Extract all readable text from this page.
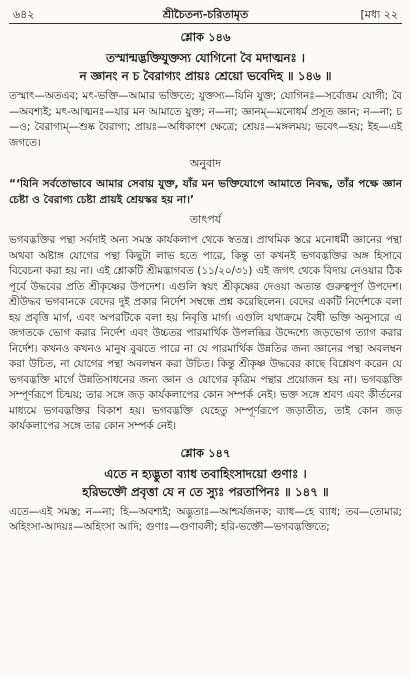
৬৪২	শ্রীচৈতন্য-চরিতামৃত	[মধ্য ২২
শ্লোক ১৪৬
তস্মান্মদ্ভক্তিযুক্তস্য যোগিনো বৈ মদাত্মনঃ ।
ন জ্ঞানং ন চ বৈরাগ্যং প্রায়ঃ শ্রেয়ো ভবেদিহ ॥ ১৪৬ ॥
তস্মাৎ—অতএব; মৎ-ভক্তি—আমার ভক্তিতে; যুক্তস্য—যিনি যুক্ত; যোগিনঃ—সর্বোত্তম যোগী; বৈ—অবশ্যই; মৎ-আত্মনঃ—যার মন আমাতে যুক্ত; ন—না; জ্ঞানম্—মনোধর্ম প্রসূত জ্ঞান; ন—না; চ—ও; বৈরাগ্যম্—শুষ্ক বৈরাগ্য; প্রায়ঃ—অধিকাংশ ক্ষেত্রে; শ্রেয়ঃ—মঙ্গলময়; ভবেৎ—হয়; ইহ—এই জগতে।
অনুবাদ
“‘যিনি সর্বতোভাবে আমার সেবায় যুক্ত, যাঁর মন ভক্তিযোগে আমাতে নিবদ্ধ, তাঁর পক্ষে জ্ঞান চেষ্টা ও বৈরাগ্য চেষ্টা প্রায়ই শ্রেয়স্কর হয় না।’
তাৎপর্য
ভগবদ্ভক্তির পন্থা সর্বদাই অন্য সমস্ত কার্যকলাপ থেকে স্বতন্ত্র। প্রাথমিক স্তরে মনোধর্মী জ্ঞানের পন্থা অথবা অষ্টাঙ্গ যোগের পন্থা কিছুটা লাভ হতে পারে, কিন্তু তা কখনই ভগবদ্ভক্তির অঙ্গ হিসাবে বিবেচনা করা হয় না। এই শ্লোকটি শ্রীমদ্ভাগবত (১১/২০/৩১) এই জগৎ থেকে বিদায় নেওয়ার ঠিক পূর্বে উদ্ধবের প্রতি শ্রীকৃষ্ণের উপদেশ। এগুলি স্বয়ং শ্রীকৃষ্ণের দেওয়া অত্যন্ত গুরুত্বপূর্ণ উপদেশ। শ্রীউদ্ধব ভগবানকে বেদের দুই প্রকার নির্দেশ সম্বন্ধে প্রশ্ন করেছিলেন। বেদের একটি নির্দেশকে বলা হয় প্রবৃত্তি মার্গ, এবং অপরটিকে বলা হয় নিবৃত্তি মার্গ। এগুলি যথাক্রমে বৈধী ভক্তি অনুসারে এ জগতকে ভোগ করার নির্দেশ এবং উচ্চতর পারমার্থিক উপলব্ধির উদ্দেশ্যে জড়ভোগ ত্যাগ করার নির্দেশ। কখনও কখনও মানুষ বুঝতে পারে না যে পারমার্থিক উন্নতির জন্য জ্ঞানের পন্থা অবলম্বন করা উচিত, না যোগের পন্থা অবলম্বন করা উচিত। কিন্তু শ্রীকৃষ্ণ উদ্ধবের কাছে বিশ্লেষণ করেন যে ভগবদ্ভক্তি মার্গে উন্নতিসাধনের জন্য জ্ঞান ও যোগের কৃত্রিম পন্থার প্রয়োজন হয় না। ভগবদ্ভক্তি সম্পূর্ণরূপে চিন্ময়; তার সঙ্গে জড় কার্যকলাপের কোন সম্পর্ক নেই। ভক্ত সঙ্গে শ্রবণ এবং কীর্তনের মাধ্যমে ভগবদ্ভক্তির বিকাশ হয়। ভগবদ্ভক্তি যেহেতু সম্পূর্ণরূপে জড়াতীত, তাই কোন জড় কার্যকলাপের সঙ্গে তার কোন সম্পর্ক নেই।
শ্লোক ১৪৭
এতে ন হ্যদ্ভুতা ব্যাধ তবাহিংসাদয়ো গুণাঃ ।
হরিভক্তৌ প্রবৃত্তা যে ন তে স্যুঃ পরতাপিনঃ ॥ ১৪৭ ॥
এতে—এই সমস্ত; ন—না; হি—অবশ্যই; অদ্ভুতাঃ—আশ্চর্যজনক; ব্যাধ—হে ব্যাধ; তব—তোমার; অহিংসা-আদয়ঃ—অহিংসা আদি; গুণাঃ—গুণাবলী; হরি-ভক্তৌ—ভগবদ্ভক্তিতে;
